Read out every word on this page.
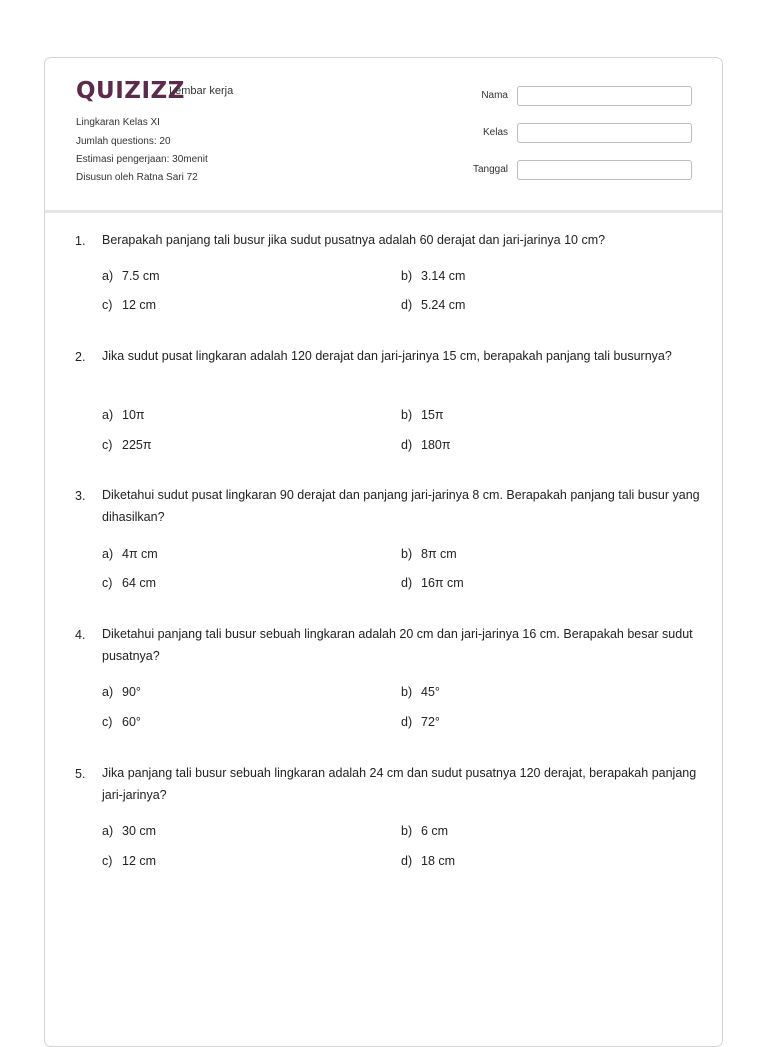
QUIZIZZ
Lembar kerja
Lingkaran Kelas XI
Jumlah questions: 20
Estimasi pengerjaan: 30menit
Disusun oleh Ratna Sari 72
Nama
Kelas
Tanggal
1.	Berapakah panjang tali busur jika sudut pusatnya adalah 60 derajat dan jari-jarinya 10 cm?
a) 7.5 cm	b) 3.14 cm
c) 12 cm	d) 5.24 cm
2.	Jika sudut pusat lingkaran adalah 120 derajat dan jari-jarinya 15 cm, berapakah panjang tali busurnya?
a) 10π	b) 15π
c) 225π	d) 180π
3.	Diketahui sudut pusat lingkaran 90 derajat dan panjang jari-jarinya 8 cm. Berapakah panjang tali busur yang dihasilkan?
a) 4π cm	b) 8π cm
c) 64 cm	d) 16π cm
4.	Diketahui panjang tali busur sebuah lingkaran adalah 20 cm dan jari-jarinya 16 cm. Berapakah besar sudut pusatnya?
a) 90°	b) 45°
c) 60°	d) 72°
5.	Jika panjang tali busur sebuah lingkaran adalah 24 cm dan sudut pusatnya 120 derajat, berapakah panjang jari-jarinya?
a) 30 cm	b) 6 cm
c) 12 cm	d) 18 cm
